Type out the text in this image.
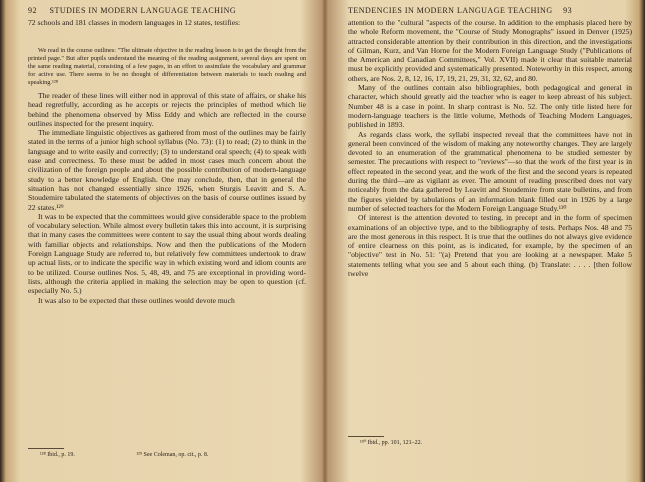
92 STUDIES IN MODERN LANGUAGE TEACHING
72 schools and 181 classes in modern languages in 12 states, testifies:

We read in the course outlines: "The ultimate objective in the reading lesson is to get the thought from the printed page." But after pupils understand the meaning of the reading assignment, several days are spent on the same reading material, consisting of a few pages, in an effort to assimilate the vocabulary and grammar for active use. There seems to be no thought of differentiation between materials to teach reading and speaking.¹²⁸

The reader of these lines will either nod in approval of this state of affairs, or shake his head regretfully, according as he accepts or rejects the principles of method which lie behind the phenomena observed by Miss Eddy and which are reflected in the course outlines inspected for the present inquiry.

The immediate linguistic objectives as gathered from most of the outlines may be fairly stated in the terms of a junior high school syllabus (No. 73): (1) to read; (2) to think in the language and to write easily and correctly; (3) to understand oral speech; (4) to speak with ease and correctness. To these must be added in most cases much concern about the civilization of the foreign people and about the possible contribution of modern-language study to a better knowledge of English. One may conclude, then, that in general the situation has not changed essentially since 1926, when Sturgis Leavitt and S. A. Stoudemire tabulated the statements of objectives on the basis of course outlines issued by 22 states.¹²⁹

It was to be expected that the committees would give considerable space to the problem of vocabulary selection. While almost every bulletin takes this into account, it is surprising that in many cases the committees were content to say the usual thing about words dealing with familiar objects and relationships. Now and then the publications of the Modern Foreign Language Study are referred to, but relatively few committees undertook to draw up actual lists, or to indicate the specific way in which existing word and idiom counts are to be utilized. Course outlines Nos. 5, 48, 49, and 75 are exceptional in providing word-lists, although the criteria applied in making the selection may be open to question (cf. especially No. 5.)

It was also to be expected that these outlines would devote much

¹²⁸ Ibid., p. 19.	¹²⁹ See Coleman, op. cit., p. 8.
TENDENCIES IN MODERN LANGUAGE TEACHING 93

attention to the "cultural "aspects of the course. In addition to the emphasis placed here by the whole Reform movement, the "Course of Study Monographs" issued in Denver (1925) attracted considerable attention by their contribution in this direction, and the investigations of Gilman, Kurz, and Van Horne for the Modern Foreign Language Study ("Publications of the American and Canadian Committees," Vol. XVII) made it clear that suitable material must be explicitly provided and systematically presented. Noteworthy in this respect, among others, are Nos. 2, 8, 12, 16, 17, 19, 21, 29, 31, 32, 62, and 80.

Many of the outlines contain also bibliographies, both pedagogical and general in character, which should greatly aid the teacher who is eager to keep abreast of his subject. Number 48 is a case in point. In sharp contrast is No. 52. The only title listed here for modern-language teachers is the little volume, Methods of Teaching Modern Languages, published in 1893.

As regards class work, the syllabi inspected reveal that the committees have not in general been convinced of the wisdom of making any noteworthy changes. They are largely devoted to an enumeration of the grammatical phenomena to be studied semester by semester. The precautions with respect to "reviews"—so that the work of the first year is in effect repeated in the second year, and the work of the first and the second years is repeated during the third—are as vigilant as ever. The amount of reading prescribed does not vary noticeably from the data gathered by Leavitt and Stoudemire from state bulletins, and from the figures yielded by tabulations of an information blank filled out in 1926 by a large number of selected teachers for the Modern Foreign Language Study.¹³⁰

Of interest is the attention devoted to testing, in precept and in the form of specimen examinations of an objective type, and to the bibliography of tests. Perhaps Nos. 48 and 75 are the most generous in this respect. It is true that the outlines do not always give evidence of entire clearness on this point, as is indicated, for example, by the specimen of an "objective" test in No. 51: "(a) Pretend that you are looking at a newspaper. Make 5 statements telling what you see and 5 about each thing. (b) Translate: . . . . [then follow twelve

¹³⁰ Ibid., pp. 101, 121–22.
